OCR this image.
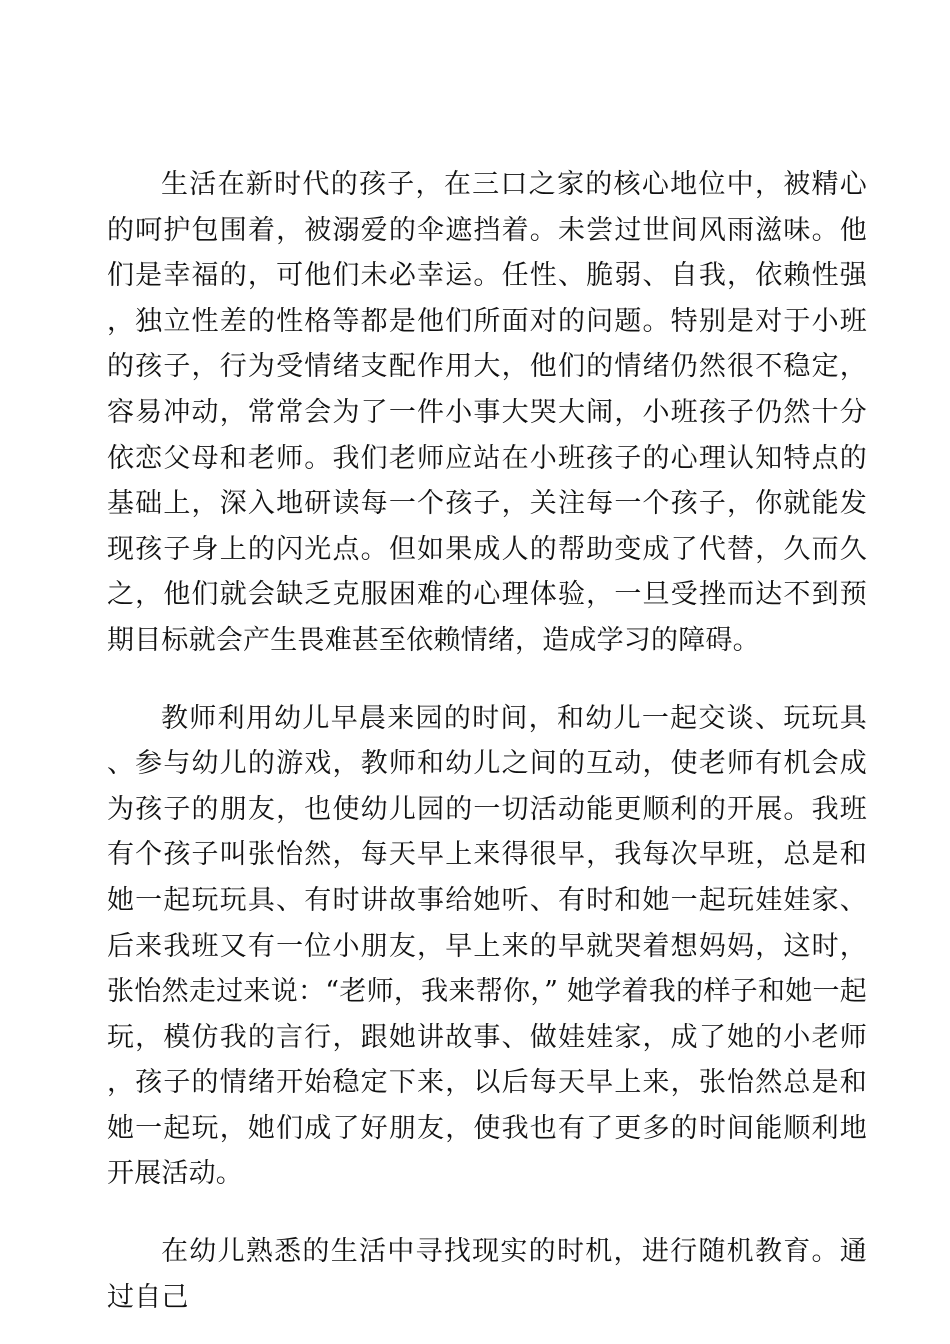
生活在新时代的孩子，在三口之家的核心地位中，被精心的呵护包围着，被溺爱的伞遮挡着。未尝过世间风雨滋味。他们是幸福的，可他们未必幸运。任性、脆弱、自我，依赖性强，独立性差的性格等都是他们所面对的问题。特别是对于小班的孩子，行为受情绪支配作用大，他们的情绪仍然很不稳定，容易冲动，常常会为了一件小事大哭大闹，小班孩子仍然十分依恋父母和老师。我们老师应站在小班孩子的心理认知特点的基础上，深入地研读每一个孩子，关注每一个孩子，你就能发现孩子身上的闪光点。但如果成人的帮助变成了代替，久而久之，他们就会缺乏克服困难的心理体验，一旦受挫而达不到预期目标就会产生畏难甚至依赖情绪，造成学习的障碍。

教师利用幼儿早晨来园的时间，和幼儿一起交谈、玩玩具、参与幼儿的游戏，教师和幼儿之间的互动，使老师有机会成为孩子的朋友，也使幼儿园的一切活动能更顺利的开展。我班有个孩子叫张怡然，每天早上来得很早，我每次早班，总是和她一起玩玩具、有时讲故事给她听、有时和她一起玩娃娃家、后来我班又有一位小朋友，早上来的早就哭着想妈妈，这时，张怡然走过来说：“老师，我来帮你，” 她学着我的样子和她一起玩，模仿我的言行，跟她讲故事、做娃娃家，成了她的小老师，孩子的情绪开始稳定下来，以后每天早上来，张怡然总是和她一起玩，她们成了好朋友，使我也有了更多的时间能顺利地开展活动。

在幼儿熟悉的生活中寻找现实的时机，进行随机教育。通过自己
